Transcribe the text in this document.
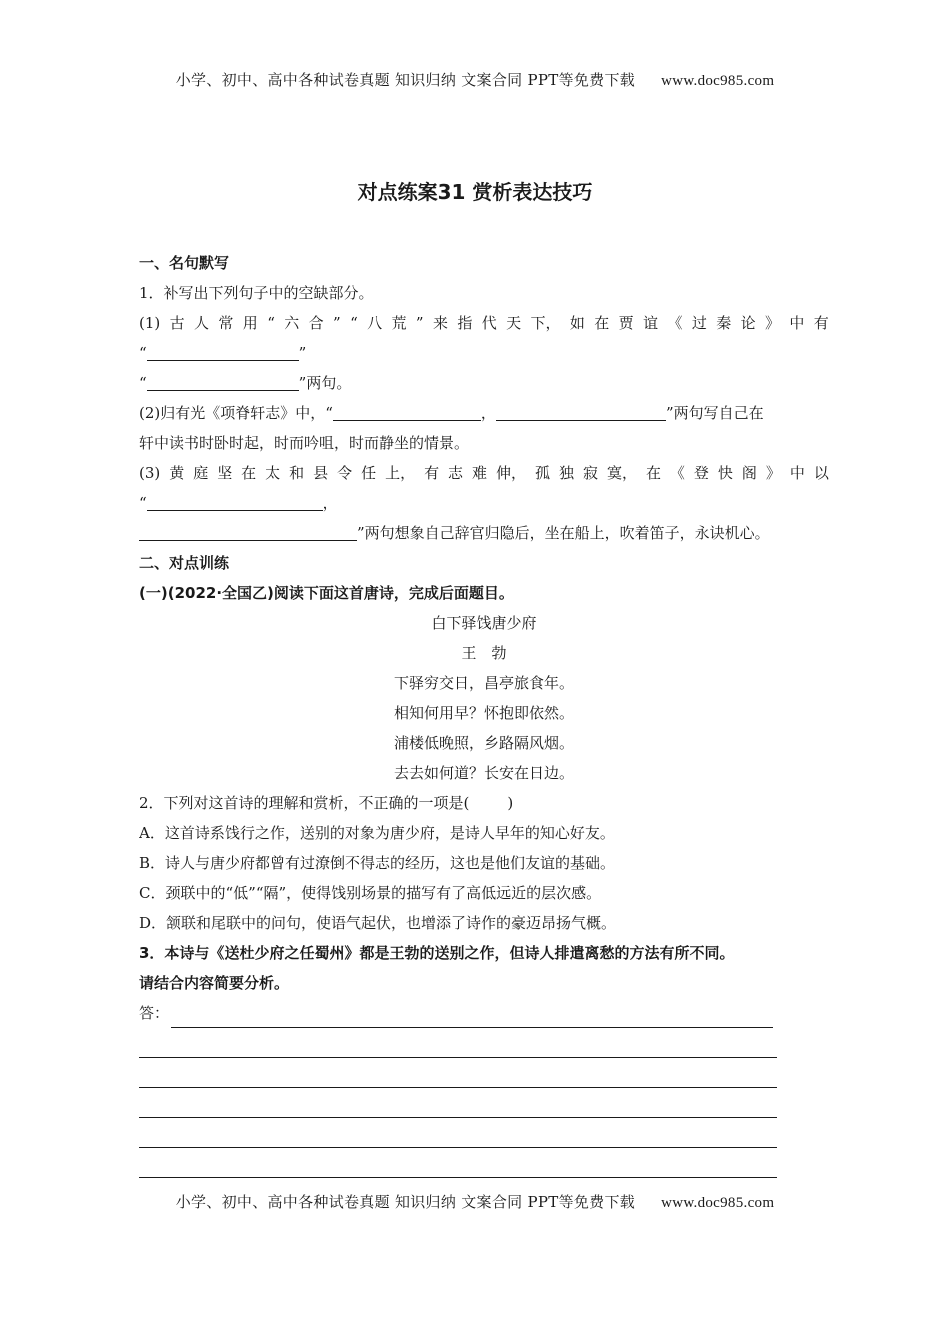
小学、初中、高中各种试卷真题 知识归纳 文案合同 PPT等免费下载 www.doc985.com
对点练案31 赏析表达技巧
一、名句默写
1．补写出下列句子中的空缺部分。
(1) 古 人 常 用 “ 六 合 ” “ 八 荒 ” 来 指 代 天 下， 如 在 贾 谊 《 过 秦 论 》 中 有
“	”
“	”两句。
(2)归有光《项脊轩志》中，“	，	”两句写自己在
轩中读书时卧时起，时而吟咀，时而静坐的情景。
(3) 黄 庭 坚 在 太 和 县 令 任 上， 有 志 难 伸， 孤 独 寂 寞， 在 《 登 快 阁 》 中 以
“	，
”两句想象自己辞官归隐后，坐在船上，吹着笛子，永诀机心。
二、对点训练
(一)(2022·全国乙)阅读下面这首唐诗，完成后面题目。
白下驿饯唐少府
王　勃
下驿穷交日，昌亭旅食年。
相知何用早？怀抱即依然。
浦楼低晚照，乡路隔风烟。
去去如何道？长安在日边。
2．下列对这首诗的理解和赏析，不正确的一项是(	)
A．这首诗系饯行之作，送别的对象为唐少府，是诗人早年的知心好友。
B．诗人与唐少府都曾有过潦倒不得志的经历，这也是他们友谊的基础。
C．颈联中的“低”“隔”，使得饯别场景的描写有了高低远近的层次感。
D．颔联和尾联中的问句，使语气起伏，也增添了诗作的豪迈昂扬气概。
3．本诗与《送杜少府之任蜀州》都是王勃的送别之作，但诗人排遣离愁的方法有所不同。
请结合内容简要分析。
答：
小学、初中、高中各种试卷真题 知识归纳 文案合同 PPT等免费下载 www.doc985.com
